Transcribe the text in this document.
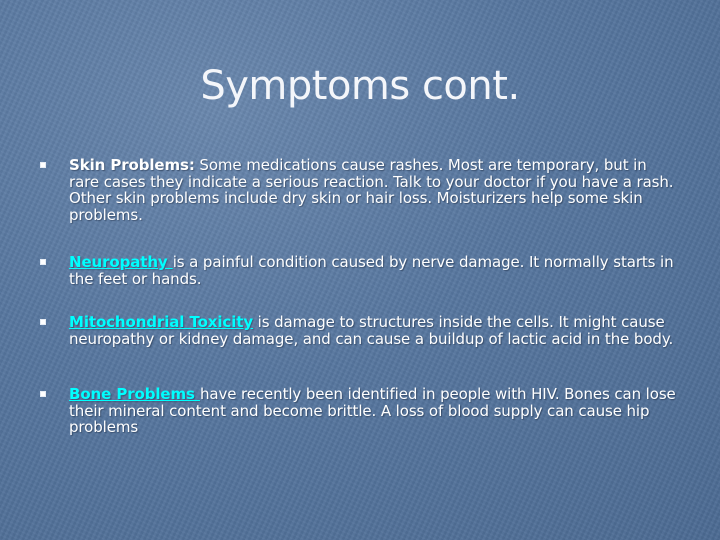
Symptoms cont.
Skin Problems: Some medications cause rashes. Most are temporary, but in rare cases they indicate a serious reaction. Talk to your doctor if you have a rash. Other skin problems include dry skin or hair loss. Moisturizers help some skin problems.
Neuropathy is a painful condition caused by nerve damage. It normally starts in the feet or hands.
Mitochondrial Toxicity is damage to structures inside the cells. It might cause neuropathy or kidney damage, and can cause a buildup of lactic acid in the body.
Bone Problems have recently been identified in people with HIV. Bones can lose their mineral content and become brittle. A loss of blood supply can cause hip problems
